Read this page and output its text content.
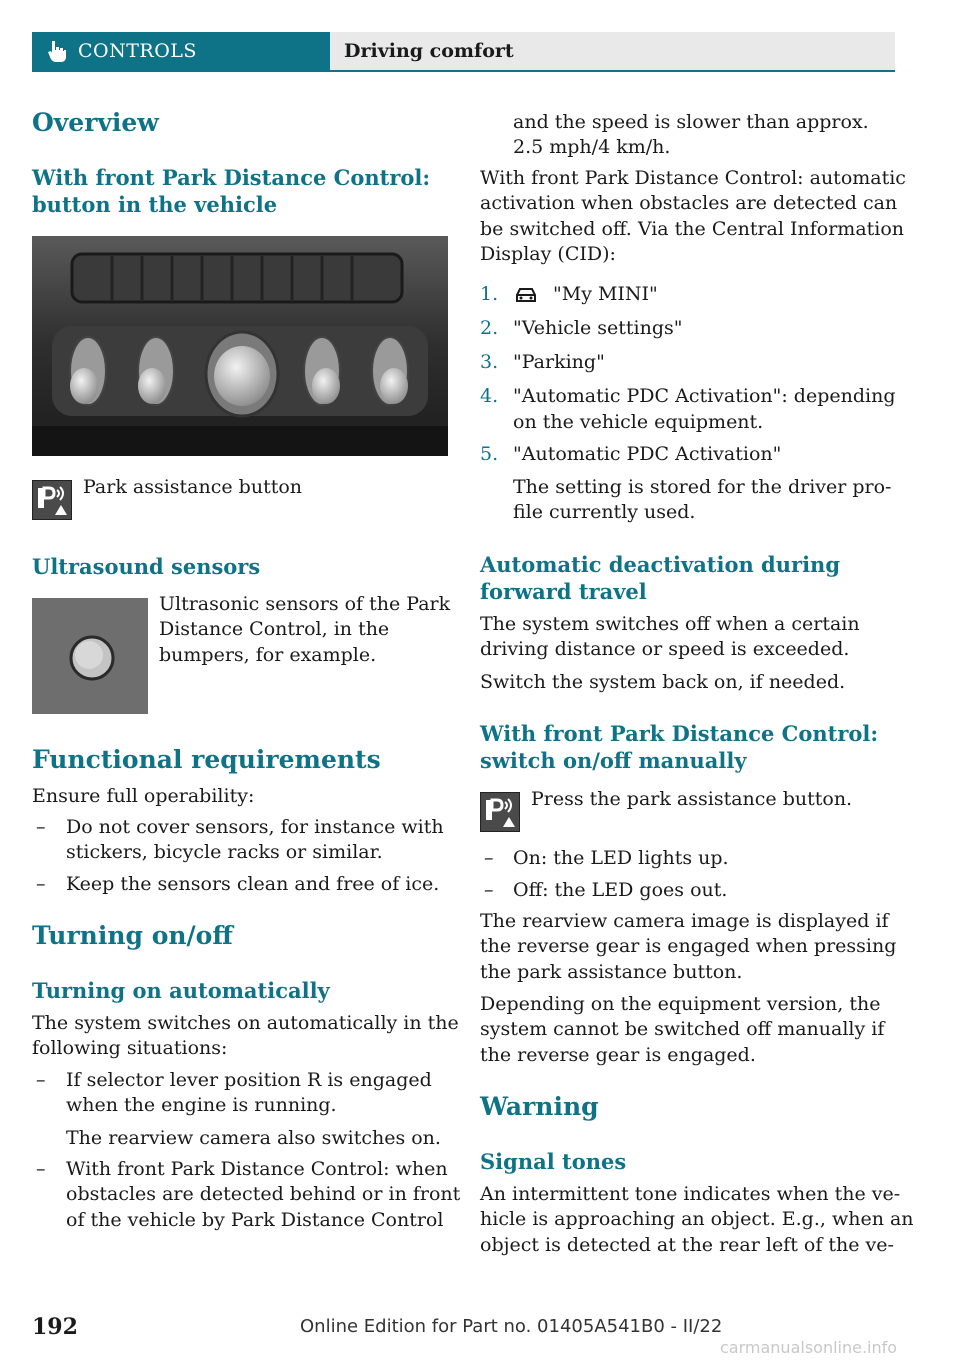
CONTROLS	Driving comfort
Overview
With front Park Distance Control:
button in the vehicle
Park assistance button
Ultrasound sensors
Ultrasonic sensors of the Park
Distance Control, in the
bumpers, for example.
Functional requirements
Ensure full operability:
– Do not cover sensors, for instance with
stickers, bicycle racks or similar.
– Keep the sensors clean and free of ice.
Turning on/off
Turning on automatically
The system switches on automatically in the
following situations:
– If selector lever position R is engaged
when the engine is running.
The rearview camera also switches on.
– With front Park Distance Control: when
obstacles are detected behind or in front
of the vehicle by Park Distance Control
and the speed is slower than approx.
2.5 mph/4 km/h.
With front Park Distance Control: automatic
activation when obstacles are detected can
be switched off. Via the Central Information
Display (CID):
1.	"My MINI"
2. "Vehicle settings"
3. "Parking"
4. "Automatic PDC Activation": depending
on the vehicle equipment.
5. "Automatic PDC Activation"
The setting is stored for the driver pro-
file currently used.
Automatic deactivation during
forward travel
The system switches off when a certain
driving distance or speed is exceeded.
Switch the system back on, if needed.
With front Park Distance Control:
switch on/off manually
Press the park assistance button.
– On: the LED lights up.
– Off: the LED goes out.
The rearview camera image is displayed if
the reverse gear is engaged when pressing
the park assistance button.
Depending on the equipment version, the
system cannot be switched off manually if
the reverse gear is engaged.
Warning
Signal tones
An intermittent tone indicates when the ve-
hicle is approaching an object. E.g., when an
object is detected at the rear left of the ve-
192	Online Edition for Part no. 01405A541B0 - II/22
carmanualsonline.info
